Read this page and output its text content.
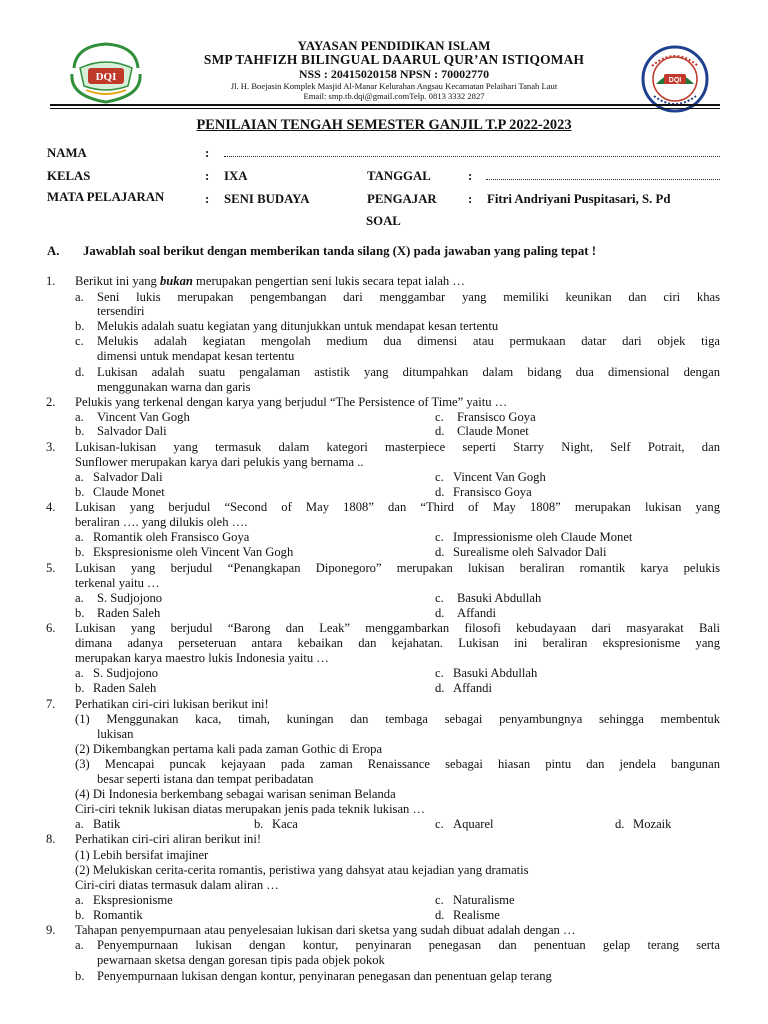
DQI
YAYASAN PENDIDIKAN ISLAM
SMP TAHFIZH BILINGUAL DAARUL QUR’AN ISTIQOMAH
NSS : 20415020158 NPSN : 70002770
Jl. H. Boejasin Komplek Masjid Al-Manar Kelurahan Angsau Kecamatan Pelaihari Tanah Laut
Email: smp.tb.dqi@gmail.comTelp. 0813 3332 2827
DQI
PENILAIAN TENGAH SEMESTER GANJIL T.P 2022-2023
NAMA	:
KELAS	: IXA	TANGGAL	:
MATA PELAJARAN	: SENI BUDAYA	PENGAJAR : Fitri Andriyani Puspitasari, S. Pd
SOAL
A. Jawablah soal berikut dengan memberikan tanda silang (X) pada jawaban yang paling tepat !
1. Berikut ini yang bukan merupakan pengertian seni lukis secara tepat ialah …
a. Seni lukis merupakan pengembangan dari menggambar yang memiliki keunikan dan ciri khas
tersendiri
b. Melukis adalah suatu kegiatan yang ditunjukkan untuk mendapat kesan tertentu
c. Melukis adalah kegiatan mengolah medium dua dimensi atau permukaan datar dari objek tiga
dimensi untuk mendapat kesan tertentu
d. Lukisan adalah suatu pengalaman astistik yang ditumpahkan dalam bidang dua dimensional dengan
menggunakan warna dan garis
2. Pelukis yang terkenal dengan karya yang berjudul “The Persistence of Time” yaitu …
a. Vincent Van Gogh
b. Salvador Dali
c. Fransisco Goya
d. Claude Monet
3. Lukisan-lukisan yang termasuk dalam kategori masterpiece seperti Starry Night, Self Potrait, dan
Sunflower merupakan karya dari pelukis yang bernama ..
a. Salvador Dali
b. Claude Monet
c. Vincent Van Gogh
d. Fransisco Goya
4. Lukisan yang berjudul “Second of May 1808” dan “Third of May 1808” merupakan lukisan yang
beraliran …. yang dilukis oleh ….
a. Romantik oleh Fransisco Goya
b. Ekspresionisme oleh Vincent Van Gogh
c. Impressionisme oleh Claude Monet
d. Surealisme oleh Salvador Dali
5. Lukisan yang berjudul “Penangkapan Diponegoro” merupakan lukisan beraliran romantik karya pelukis
terkenal yaitu …
a. S. Sudjojono
b. Raden Saleh
c. Basuki Abdullah
d. Affandi
6. Lukisan yang berjudul “Barong dan Leak” menggambarkan filosofi kebudayaan dari masyarakat Bali
dimana adanya perseteruan antara kebaikan dan kejahatan. Lukisan ini beraliran ekspresionisme yang
merupakan karya maestro lukis Indonesia yaitu …
a. S. Sudjojono
b. Raden Saleh
c. Basuki Abdullah
d. Affandi
7. Perhatikan ciri-ciri lukisan berikut ini!
(1) Menggunakan kaca, timah, kuningan dan tembaga sebagai penyambungnya sehingga membentuk
lukisan
(2) Dikembangkan pertama kali pada zaman Gothic di Eropa
(3) Mencapai puncak kejayaan pada zaman Renaissance sebagai hiasan pintu dan jendela bangunan
besar seperti istana dan tempat peribadatan
(4) Di Indonesia berkembang sebagai warisan seniman Belanda
Ciri-ciri teknik lukisan diatas merupakan jenis pada teknik lukisan …
a. Batik	b. Kaca	c. Aquarel	d. Mozaik
8. Perhatikan ciri-ciri aliran berikut ini!
(1) Lebih bersifat imajiner
(2) Melukiskan cerita-cerita romantis, peristiwa yang dahsyat atau kejadian yang dramatis
Ciri-ciri diatas termasuk dalam aliran …
a. Ekspresionisme
b. Romantik
c. Naturalisme
d. Realisme
9. Tahapan penyempurnaan atau penyelesaian lukisan dari sketsa yang sudah dibuat adalah dengan …
a. Penyempurnaan lukisan dengan kontur, penyinaran penegasan dan penentuan gelap terang serta
pewarnaan sketsa dengan goresan tipis pada objek pokok
b. Penyempurnaan lukisan dengan kontur, penyinaran penegasan dan penentuan gelap terang
